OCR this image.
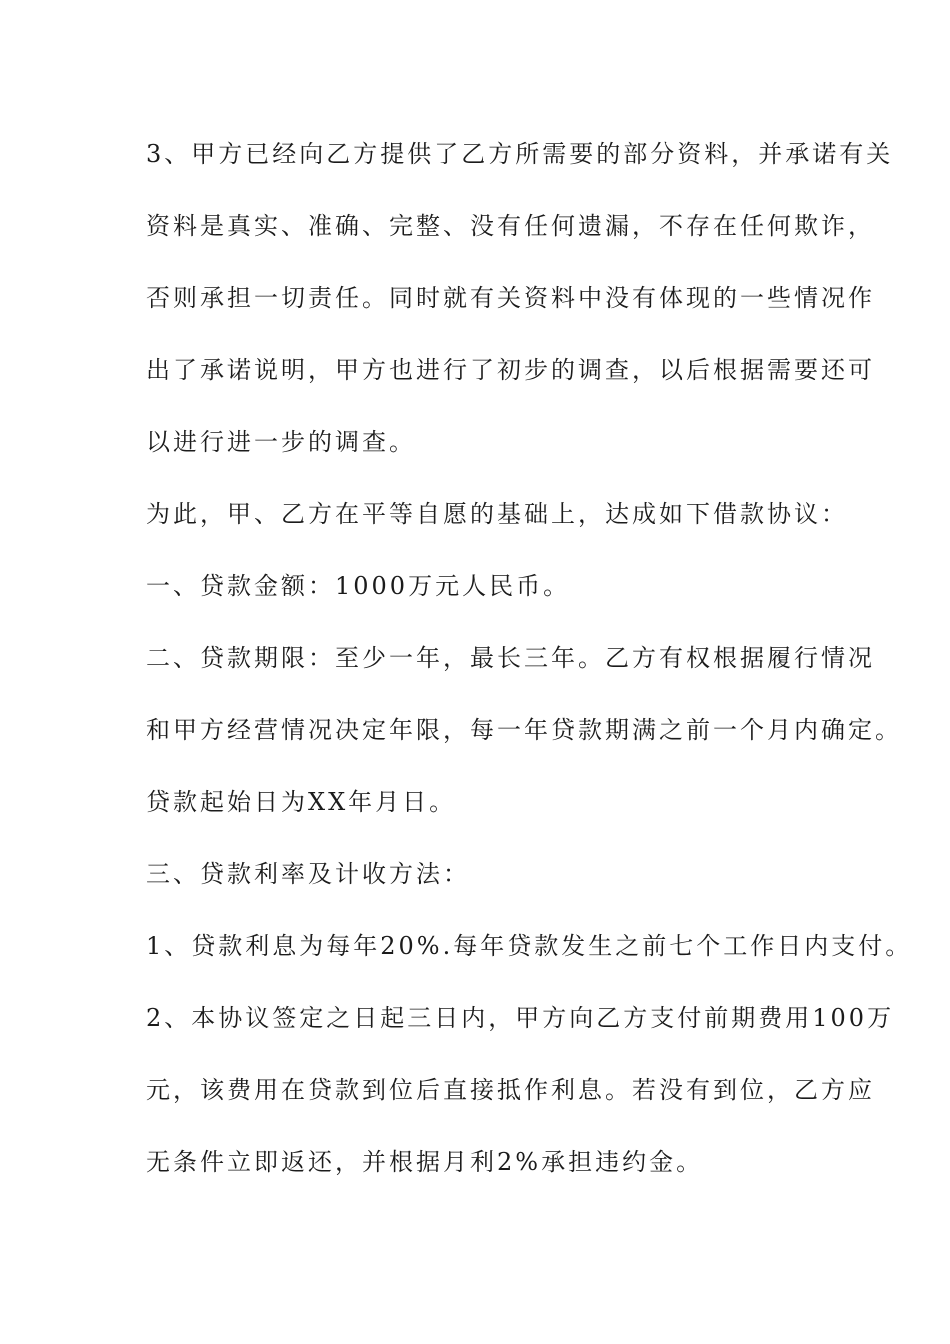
3、甲方已经向乙方提供了乙方所需要的部分资料，并承诺有关
资料是真实、准确、完整、没有任何遗漏，不存在任何欺诈，
否则承担一切责任。同时就有关资料中没有体现的一些情况作
出了承诺说明，甲方也进行了初步的调查，以后根据需要还可
以进行进一步的调查。
为此，甲、乙方在平等自愿的基础上，达成如下借款协议：
一、贷款金额：1000万元人民币。
二、贷款期限：至少一年，最长三年。乙方有权根据履行情况
和甲方经营情况决定年限，每一年贷款期满之前一个月内确定。
贷款起始日为XX年月日。
三、贷款利率及计收方法：
1、贷款利息为每年20%.每年贷款发生之前七个工作日内支付。
2、本协议签定之日起三日内，甲方向乙方支付前期费用100万
元，该费用在贷款到位后直接抵作利息。若没有到位，乙方应
无条件立即返还，并根据月利2%承担违约金。
